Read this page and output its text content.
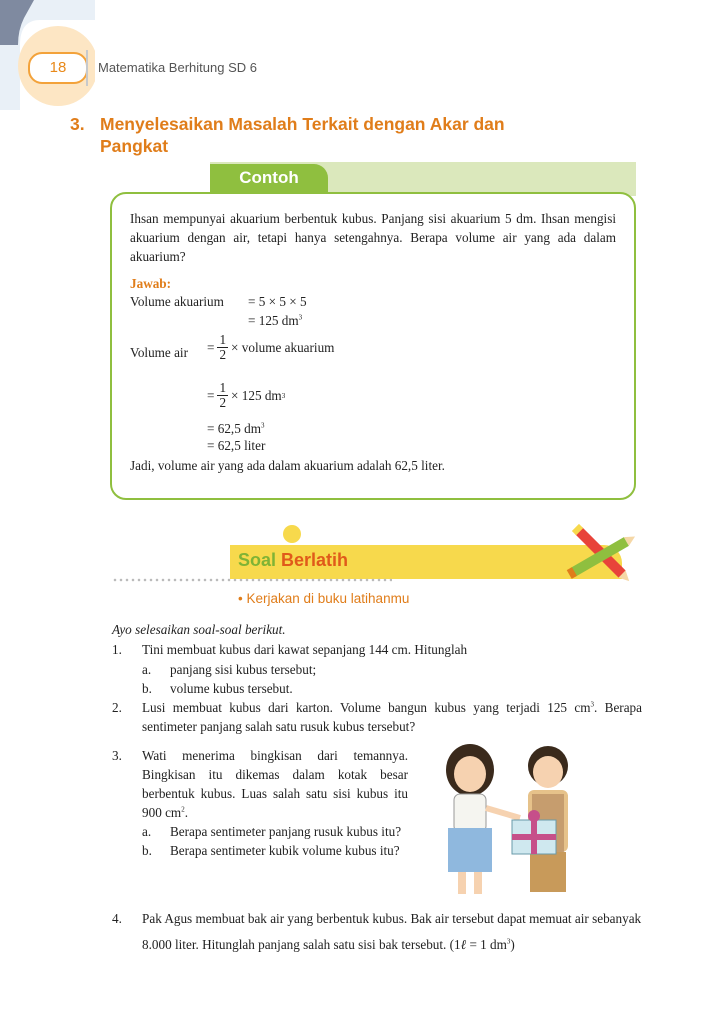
18	Matematika Berhitung SD 6
3. Menyelesaikan Masalah Terkait dengan Akar dan
Pangkat
Contoh
Ihsan mempunyai akuarium berbentuk kubus. Panjang sisi akuarium 5 dm. Ihsan mengisi akuarium dengan air, tetapi hanya setengahnya. Berapa volume air yang ada dalam akuarium?
Jawab:
Volume akuarium = 5 × 5 × 5
= 125 $dm^3$
Volume air = $\frac{1}{2}$ × volume akuarium
= $\frac{1}{2} \times 125$ dm 3
= 62,5 $dm^3$
= 62,5 liter
Jadi, volume air yang ada dalam akuarium adalah 62,5 liter.
Soal Berlatih
• Kerjakan di buku latihanmu
Ayo selesaikan soal-soal berikut.
1.	Tini membuat kubus dari kawat sepanjang 144 cm. Hitunglah
a. panjang sisi kubus tersebut;
b. volume kubus tersebut.
2.	Lusi membuat kubus dari karton. Volume bangun kubus yang terjadi 125 $cm^3$. Berapa sentimeter panjang salah satu rusuk kubus tersebut?
3.	Wati menerima bingkisan dari temannya. Bingkisan itu dikemas dalam kotak besar berbentuk kubus. Luas salah satu sisi kubus itu 900 $cm^2$.
a. Berapa sentimeter panjang rusuk kubus itu?
b. Berapa sentimeter kubik volume kubus itu?
4.	Pak Agus membuat bak air yang berbentuk kubus. Bak air tersebut dapat memuat air sebanyak 8.000 liter. Hitunglah panjang salah satu sisi bak tersebut. (1ℓ = 1 $dm^3$)
